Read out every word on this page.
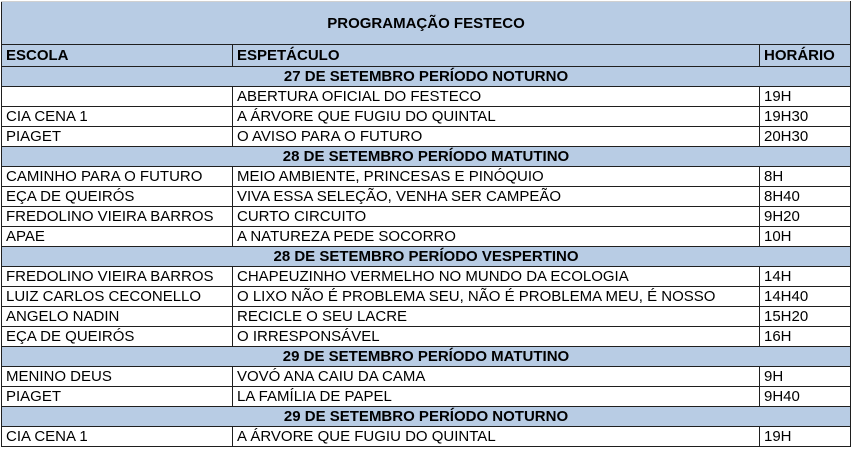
PROGRAMAÇÃO FESTECO		
ESCOLA	ESPETÁCULO	HORÁRIO
27 DE SETEMBRO PERÍODO NOTURNO		
	ABERTURA OFICIAL DO FESTECO	19H
CIA CENA 1	A ÁRVORE QUE FUGIU DO QUINTAL	19H30
PIAGET	O AVISO PARA O FUTURO	20H30
28 DE SETEMBRO PERÍODO MATUTINO		
CAMINHO PARA O FUTURO	MEIO AMBIENTE, PRINCESAS E PINÓQUIO	8H
EÇA DE QUEIRÓS	VIVA ESSA SELEÇÃO, VENHA SER CAMPEÃO	8H40
FREDOLINO VIEIRA BARROS	CURTO CIRCUITO	9H20
APAE	A NATUREZA PEDE SOCORRO	10H
28 DE SETEMBRO PERÍODO VESPERTINO		
FREDOLINO VIEIRA BARROS	CHAPEUZINHO VERMELHO NO MUNDO DA ECOLOGIA	14H
LUIZ CARLOS CECONELLO	O LIXO NÃO É PROBLEMA SEU, NÃO É PROBLEMA MEU, É NOSSO	14H40
ANGELO NADIN	RECICLE O SEU LACRE	15H20
EÇA DE QUEIRÓS	O IRRESPONSÁVEL	16H
29 DE SETEMBRO PERÍODO MATUTINO		
MENINO DEUS	VOVÓ ANA CAIU DA CAMA	9H
PIAGET	LA FAMÍLIA DE PAPEL	9H40
29 DE SETEMBRO PERÍODO NOTURNO		
CIA CENA 1	A ÁRVORE QUE FUGIU DO QUINTAL	19H
